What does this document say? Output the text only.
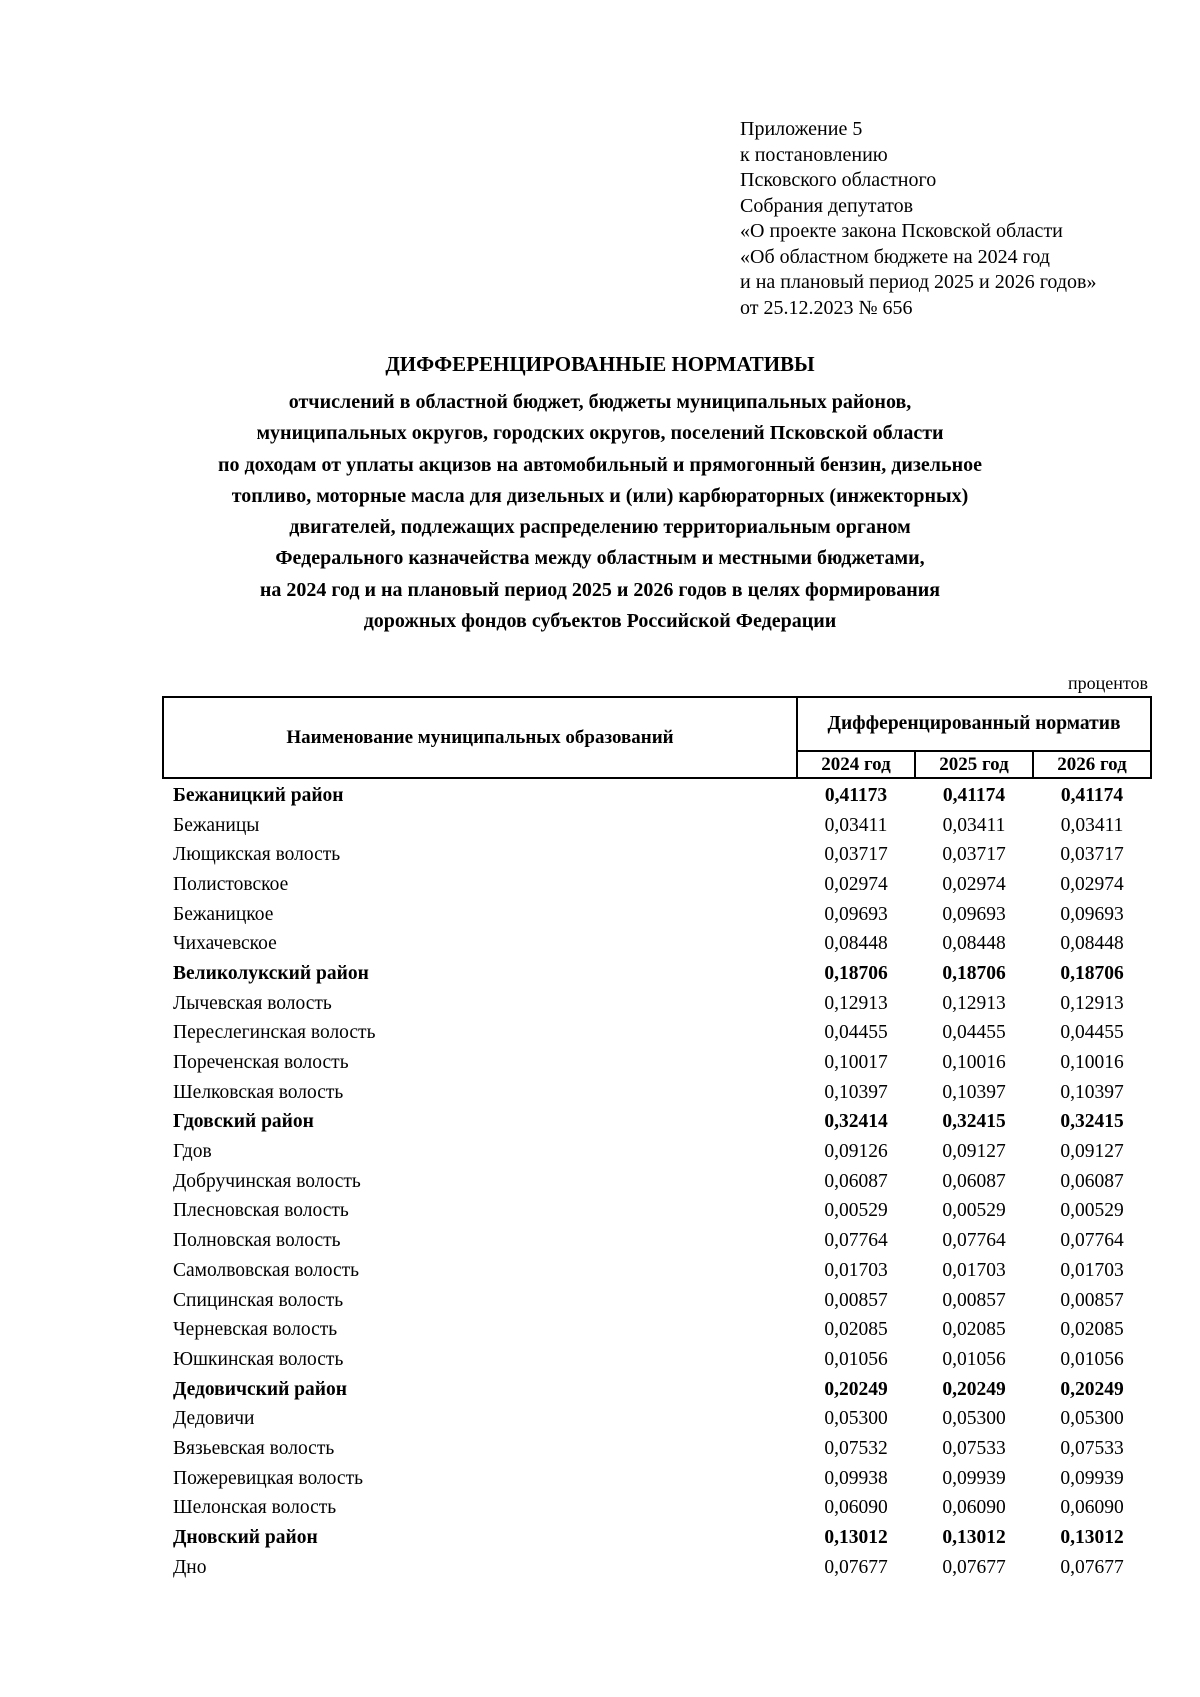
Приложение 5
к постановлению
Псковского областного
Собрания депутатов
«О проекте закона Псковской области
«Об областном бюджете на 2024 год
и на плановый период 2025 и 2026 годов»
от 25.12.2023 № 656
ДИФФЕРЕНЦИРОВАННЫЕ НОРМАТИВЫ
отчислений в областной бюджет, бюджеты муниципальных районов,
муниципальных округов, городских округов, поселений Псковской области
по доходам от уплаты акцизов на автомобильный и прямогонный бензин, дизельное
топливо, моторные масла для дизельных и (или) карбюраторных (инжекторных)
двигателей, подлежащих распределению территориальным органом
Федерального казначейства между областным и местными бюджетами,
на 2024 год и на плановый период 2025 и 2026 годов в целях формирования
дорожных фондов субъектов Российской Федерации
процентов
Наименование муниципальных образований	Дифференцированный норматив		
	2024 год	2025 год	2026 год
Бежаницкий район	0,41173	0,41174	0,41174
Бежаницы	0,03411	0,03411	0,03411
Лющикская волость	0,03717	0,03717	0,03717
Полистовское	0,02974	0,02974	0,02974
Бежаницкое	0,09693	0,09693	0,09693
Чихачевское	0,08448	0,08448	0,08448
Великолукский район	0,18706	0,18706	0,18706
Лычевская волость	0,12913	0,12913	0,12913
Переслегинская волость	0,04455	0,04455	0,04455
Пореченская волость	0,10017	0,10016	0,10016
Шелковская волость	0,10397	0,10397	0,10397
Гдовский район	0,32414	0,32415	0,32415
Гдов	0,09126	0,09127	0,09127
Добручинская волость	0,06087	0,06087	0,06087
Плесновская волость	0,00529	0,00529	0,00529
Полновская волость	0,07764	0,07764	0,07764
Самолвовская волость	0,01703	0,01703	0,01703
Спицинская волость	0,00857	0,00857	0,00857
Черневская волость	0,02085	0,02085	0,02085
Юшкинская волость	0,01056	0,01056	0,01056
Дедовичский район	0,20249	0,20249	0,20249
Дедовичи	0,05300	0,05300	0,05300
Вязьевская волость	0,07532	0,07533	0,07533
Пожеревицкая волость	0,09938	0,09939	0,09939
Шелонская волость	0,06090	0,06090	0,06090
Дновский район	0,13012	0,13012	0,13012
Дно	0,07677	0,07677	0,07677
